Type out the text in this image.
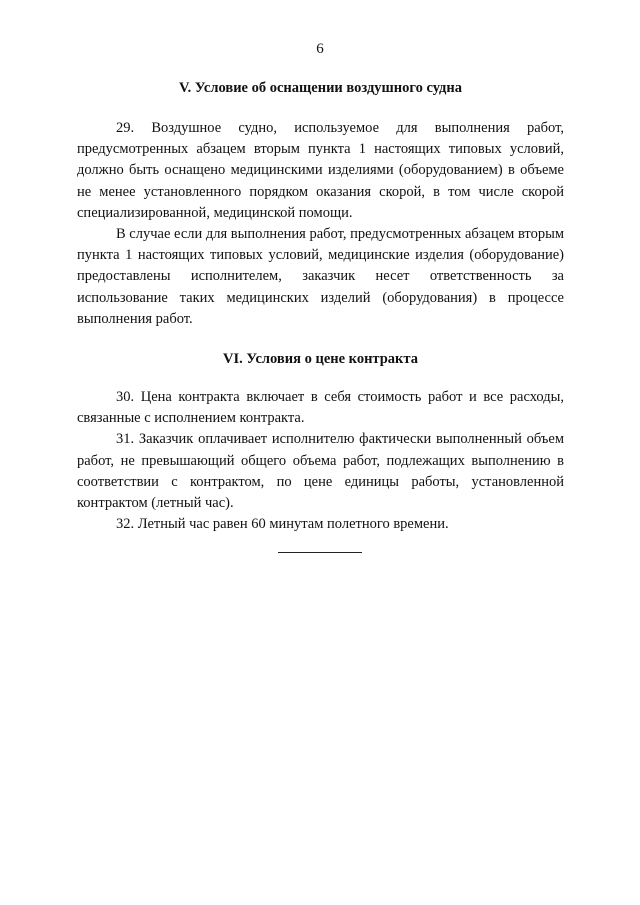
6
V. Условие об оснащении воздушного судна

29. Воздушное судно, используемое для выполнения работ, предусмотренных абзацем вторым пункта 1 настоящих типовых условий, должно быть оснащено медицинскими изделиями (оборудованием) в объеме не менее установленного порядком оказания скорой, в том числе скорой специализированной, медицинской помощи.

В случае если для выполнения работ, предусмотренных абзацем вторым пункта 1 настоящих типовых условий, медицинские изделия (оборудование) предоставлены исполнителем, заказчик несет ответственность за использование таких медицинских изделий (оборудования) в процессе выполнения работ.

VI. Условия о цене контракта

30. Цена контракта включает в себя стоимость работ и все расходы, связанные с исполнением контракта.

31. Заказчик оплачивает исполнителю фактически выполненный объем работ, не превышающий общего объема работ, подлежащих выполнению в соответствии с контрактом, по цене единицы работы, установленной контрактом (летный час).

32. Летный час равен 60 минутам полетного времени.
